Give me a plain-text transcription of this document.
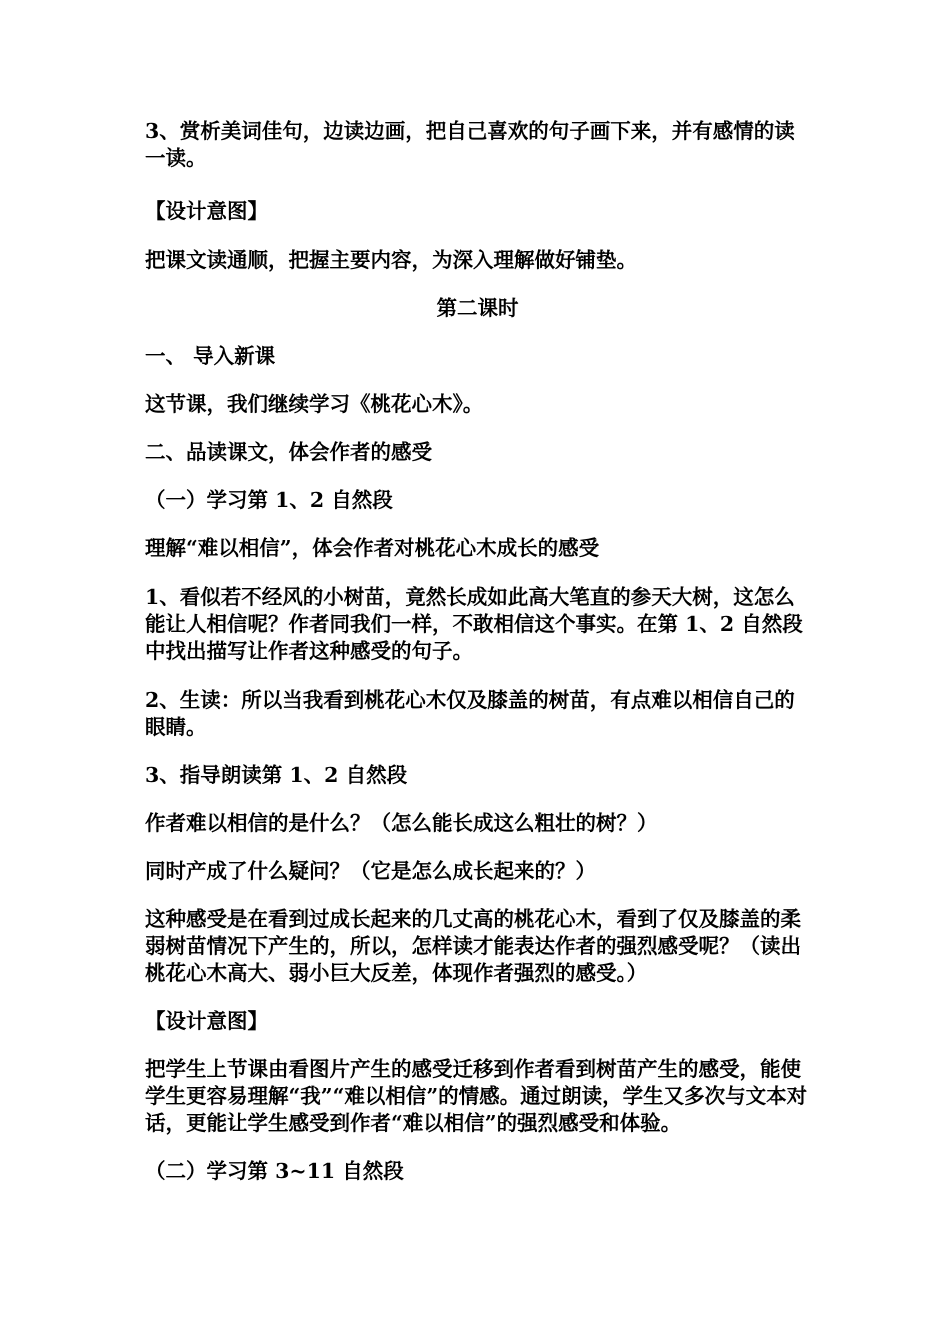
3、赏析美词佳句，边读边画，把自己喜欢的句子画下来，并有感情的读一读。

【设计意图】

把课文读通顺，把握主要内容，为深入理解做好铺垫。

第二课时

一、 导入新课

这节课，我们继续学习《桃花心木》。

二、品读课文，体会作者的感受

（一）学习第 1、2 自然段

理解“难以相信”，体会作者对桃花心木成长的感受

1、看似若不经风的小树苗，竟然长成如此高大笔直的参天大树，这怎么能让人相信呢？作者同我们一样，不敢相信这个事实。在第 1、2 自然段中找出描写让作者这种感受的句子。

2、生读：所以当我看到桃花心木仅及膝盖的树苗，有点难以相信自己的眼睛。

3、指导朗读第 1、2 自然段

作者难以相信的是什么？（怎么能长成这么粗壮的树？）

同时产成了什么疑问？（它是怎么成长起来的？）

这种感受是在看到过成长起来的几丈高的桃花心木，看到了仅及膝盖的柔弱树苗情况下产生的，所以，怎样读才能表达作者的强烈感受呢？（读出桃花心木高大、弱小巨大反差，体现作者强烈的感受。）

【设计意图】

把学生上节课由看图片产生的感受迁移到作者看到树苗产生的感受，能使学生更容易理解“我”“难以相信”的情感。通过朗读，学生又多次与文本对话，更能让学生感受到作者“难以相信”的强烈感受和体验。

（二）学习第 3~11 自然段
